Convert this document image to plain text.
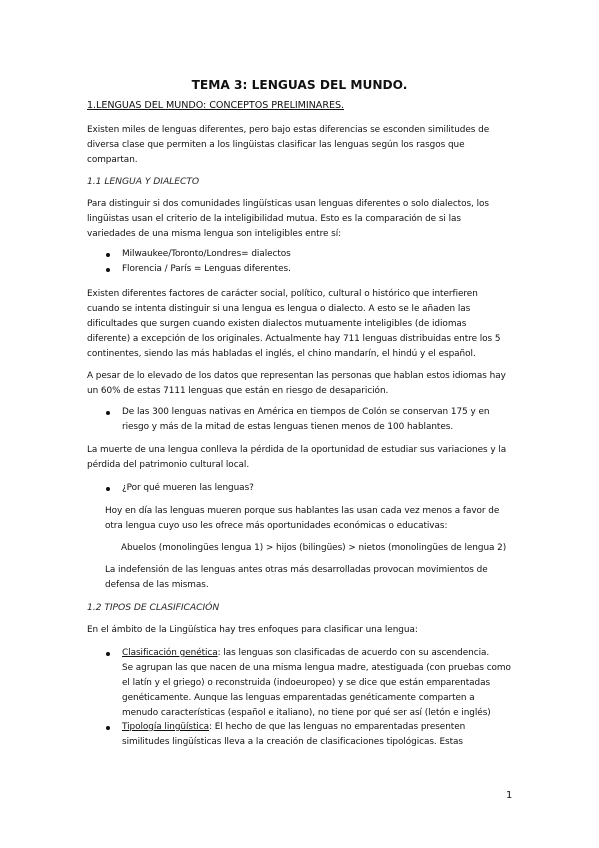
TEMA 3: LENGUAS DEL MUNDO.
1.LENGUAS DEL MUNDO: CONCEPTOS PRELIMINARES.
Existen miles de lenguas diferentes, pero bajo estas diferencias se esconden similitudes de
diversa clase que permiten a los lingüistas clasificar las lenguas según los rasgos que
compartan.
1.1 LENGUA Y DIALECTO
Para distinguir si dos comunidades lingüísticas usan lenguas diferentes o solo dialectos, los
lingüistas usan el criterio de la inteligibilidad mutua. Esto es la comparación de si las
variedades de una misma lengua son inteligibles entre sí:
Milwaukee/Toronto/Londres= dialectos
Florencia / París = Lenguas diferentes.
Existen diferentes factores de carácter social, político, cultural o histórico que interfieren
cuando se intenta distinguir si una lengua es lengua o dialecto. A esto se le añaden las
dificultades que surgen cuando existen dialectos mutuamente inteligibles (de idiomas
diferente) a excepción de los originales. Actualmente hay 711 lenguas distribuidas entre los 5
continentes, siendo las más habladas el inglés, el chino mandarín, el hindú y el español.
A pesar de lo elevado de los datos que representan las personas que hablan estos idiomas hay
un 60% de estas 7111 lenguas que están en riesgo de desaparición.
De las 300 lenguas nativas en América en tiempos de Colón se conservan 175 y en
riesgo y más de la mitad de estas lenguas tienen menos de 100 hablantes.
La muerte de una lengua conlleva la pérdida de la oportunidad de estudiar sus variaciones y la
pérdida del patrimonio cultural local.
¿Por qué mueren las lenguas?
Hoy en día las lenguas mueren porque sus hablantes las usan cada vez menos a favor de
otra lengua cuyo uso les ofrece más oportunidades económicas o educativas:
Abuelos (monolingües lengua 1) > hijos (bilingües) > nietos (monolingües de lengua 2)
La indefensión de las lenguas antes otras más desarrolladas provocan movimientos de
defensa de las mismas.
1.2 TIPOS DE CLASIFICACIÓN
En el ámbito de la Lingüística hay tres enfoques para clasificar una lengua:
Clasificación genética: las lenguas son clasificadas de acuerdo con su ascendencia.
Se agrupan las que nacen de una misma lengua madre, atestiguada (con pruebas como
el latín y el griego) o reconstruida (indoeuropeo) y se dice que están emparentadas
genéticamente. Aunque las lenguas emparentadas genéticamente comparten a
menudo características (español e italiano), no tiene por qué ser así (letón e inglés)
Tipología lingüística: El hecho de que las lenguas no emparentadas presenten
similitudes lingüísticas lleva a la creación de clasificaciones tipológicas. Estas
1
